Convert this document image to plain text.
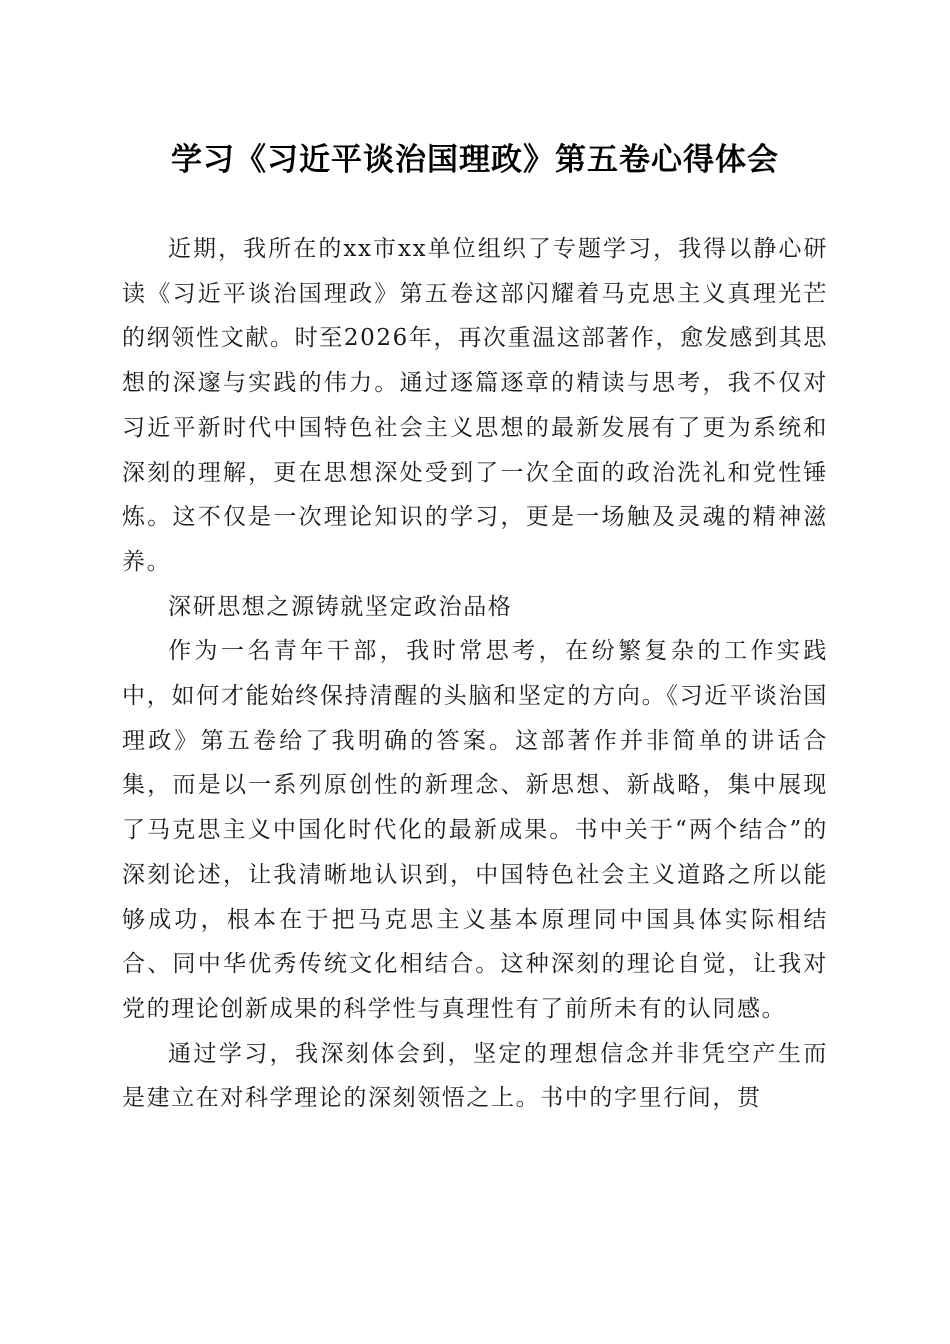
学习《习近平谈治国理政》第五卷心得体会

近期，我所在的xx市xx单位组织了专题学习，我得以静心研读《习近平谈治国理政》第五卷这部闪耀着马克思主义真理光芒的纲领性文献。时至2026年，再次重温这部著作，愈发感到其思想的深邃与实践的伟力。通过逐篇逐章的精读与思考，我不仅对习近平新时代中国特色社会主义思想的最新发展有了更为系统和深刻的理解，更在思想深处受到了一次全面的政治洗礼和党性锤炼。这不仅是一次理论知识的学习，更是一场触及灵魂的精神滋养。

深研思想之源铸就坚定政治品格

作为一名青年干部，我时常思考，在纷繁复杂的工作实践中，如何才能始终保持清醒的头脑和坚定的方向。《习近平谈治国理政》第五卷给了我明确的答案。这部著作并非简单的讲话合集，而是以一系列原创性的新理念、新思想、新战略，集中展现了马克思主义中国化时代化的最新成果。书中关于“两个结合”的深刻论述，让我清晰地认识到，中国特色社会主义道路之所以能够成功，根本在于把马克思主义基本原理同中国具体实际相结合、同中华优秀传统文化相结合。这种深刻的理论自觉，让我对党的理论创新成果的科学性与真理性有了前所未有的认同感。

通过学习，我深刻体会到，坚定的理想信念并非凭空产生而是建立在对科学理论的深刻领悟之上。书中的字里行间，贯
